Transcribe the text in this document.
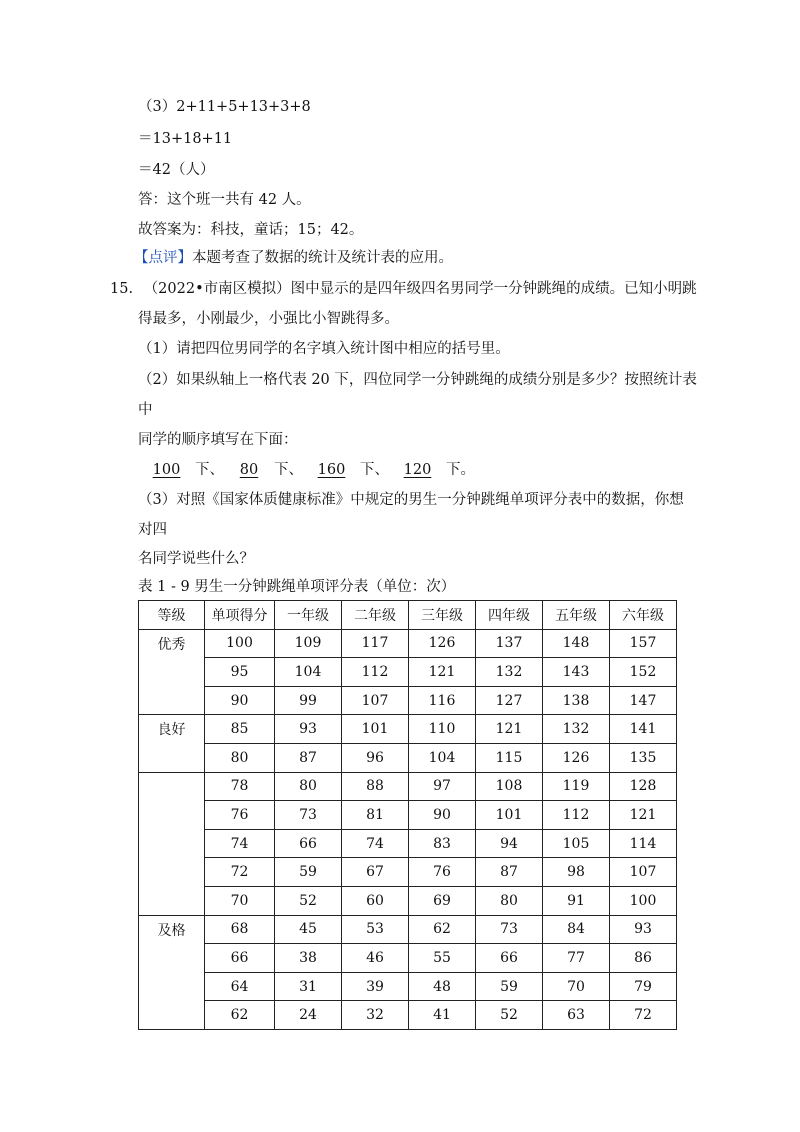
（3）2+11+5+13+3+8
＝13+18+11
＝42（人）
答：这个班一共有 42 人。
故答案为：科技，童话；15；42。
【点评】本题考查了数据的统计及统计表的应用。
15. （2022•市南区模拟）图中显示的是四年级四名男同学一分钟跳绳的成绩。已知小明跳
得最多，小刚最少，小强比小智跳得多。
（1）请把四位男同学的名字填入统计图中相应的括号里。
（2）如果纵轴上一格代表 20 下，四位同学一分钟跳绳的成绩分别是多少？按照统计表
中
同学的顺序填写在下面：
100 下、 80 下、 160 下、 120 下。
（3）对照《国家体质健康标准》中规定的男生一分钟跳绳单项评分表中的数据，你想
对四
名同学说些什么？
表 1 - 9 男生一分钟跳绳单项评分表（单位：次）
等级	单项得分	一年级	二年级	三年级	四年级	五年级	六年级
优秀	100	109	117	126	137	148	157
	95	104	112	121	132	143	152
	90	99	107	116	127	138	147
良好	85	93	101	110	121	132	141
	80	87	96	104	115	126	135
	78	80	88	97	108	119	128
	76	73	81	90	101	112	121
	74	66	74	83	94	105	114
	72	59	67	76	87	98	107
	70	52	60	69	80	91	100
及格	68	45	53	62	73	84	93
	66	38	46	55	66	77	86
	64	31	39	48	59	70	79
	62	24	32	41	52	63	72
